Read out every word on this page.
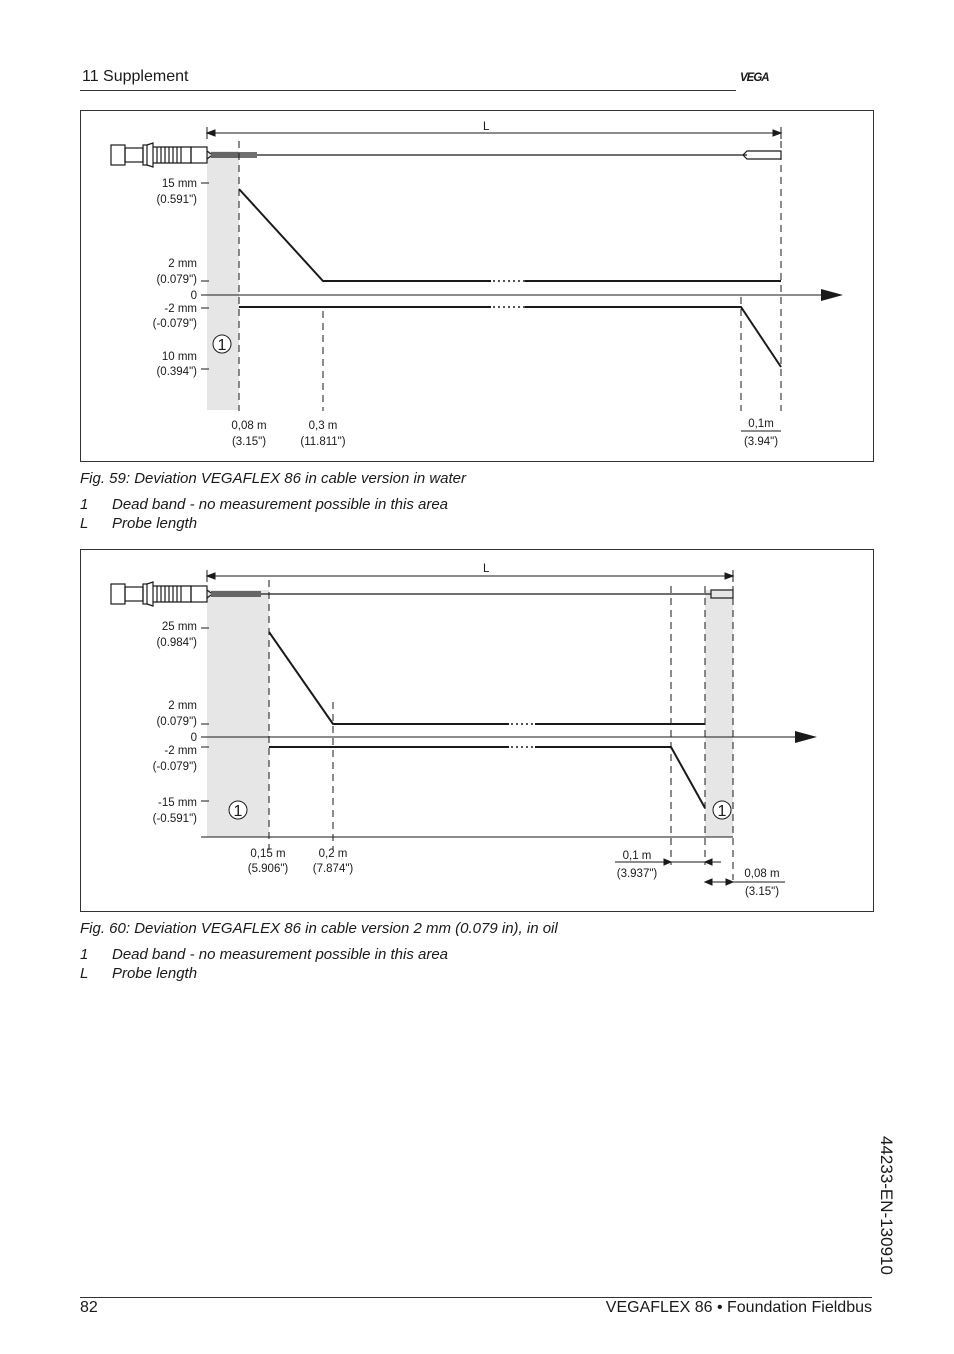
11 Supplement	VEGA
L
15 mm
(0.591")
2 mm
(0.079")
0
-2 mm
(-0.079")
10 mm
(0.394")
1
0,08 m
(3.15")
0,3 m
(11.811")
0,1m
(3.94")
Fig. 59: Deviation VEGAFLEX 86 in cable version in water
1 Dead band - no measurement possible in this area
L Probe length
L
25 mm
(0.984")
2 mm
(0.079")
0
-2 mm
(-0.079")
-15 mm
(-0.591") 1	1
0,15 m
(5.906")
0,2 m
(7.874")
0,1 m
(3.937")	0,08 m
(3.15")
Fig. 60: Deviation VEGAFLEX 86 in cable version 2 mm (0.079 in), in oil
1 Dead band - no measurement possible in this area
L Probe length
44233-EN-130910
82	VEGAFLEX 86 • Foundation Fieldbus
